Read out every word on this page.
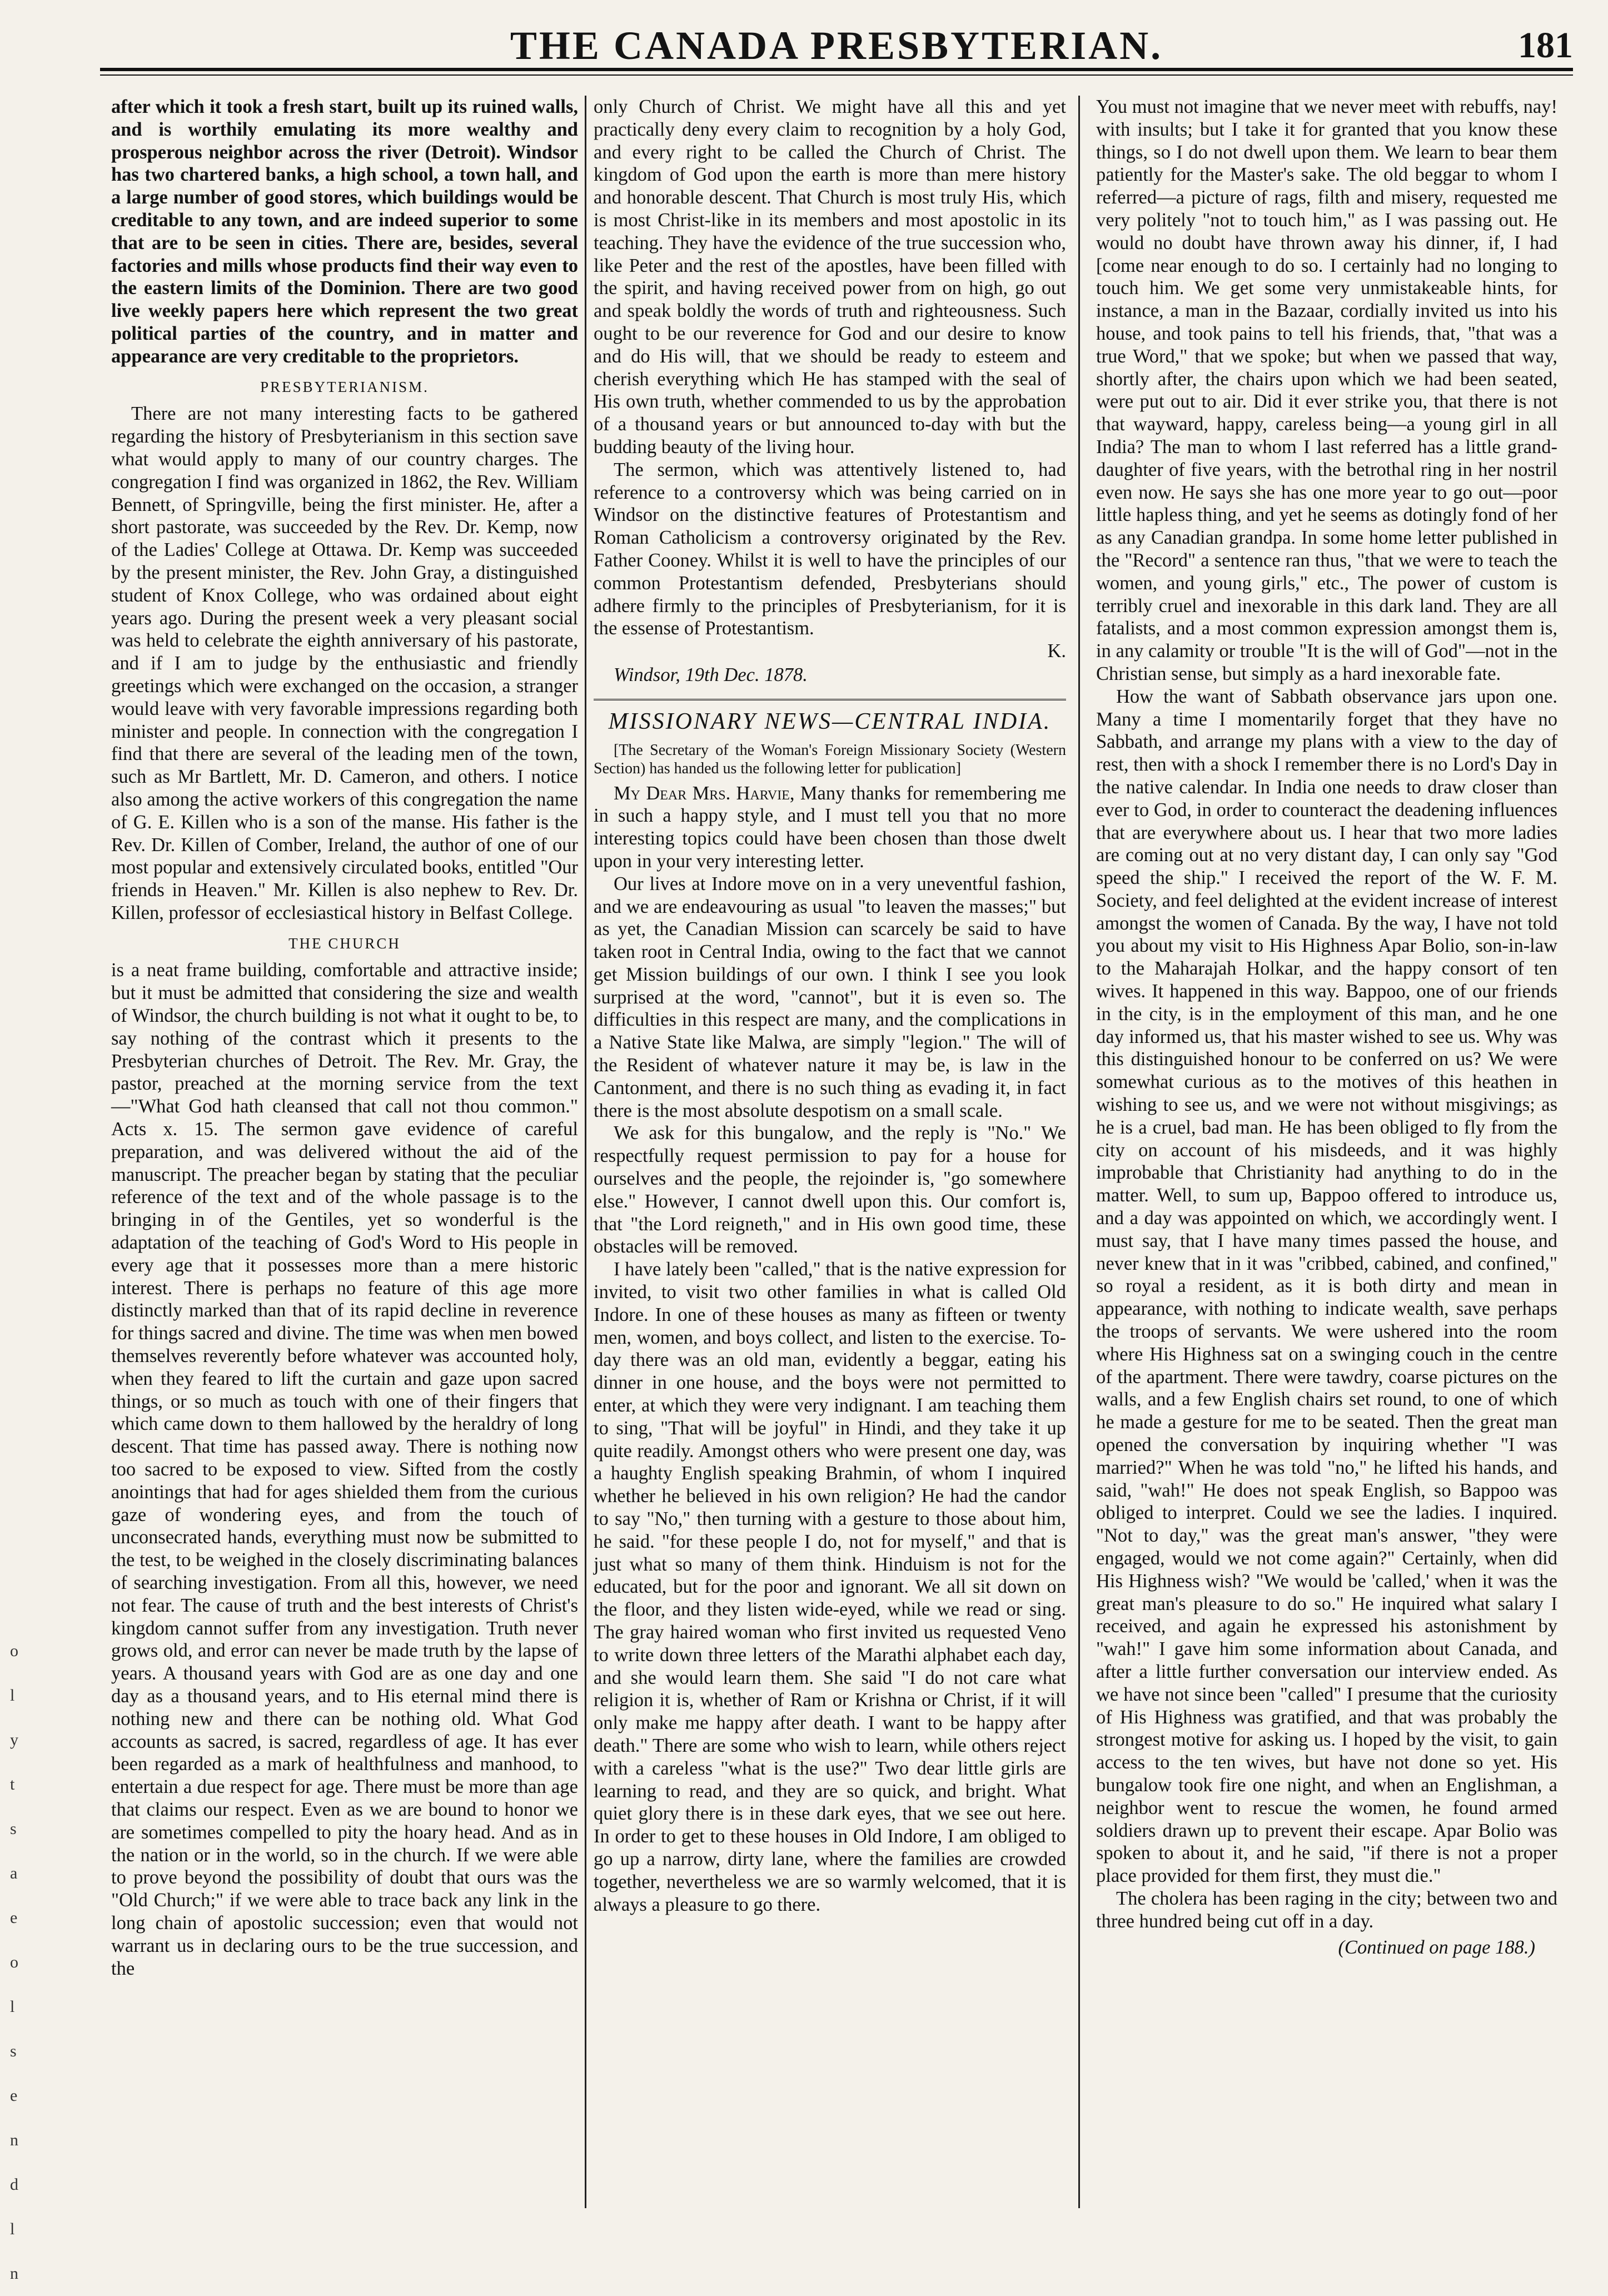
THE CANADA PRESBYTERIAN.	181

after which it took a fresh start, built up its ruined walls, and is worthily emulating its more wealthy and prosperous neighbor across the river (Detroit). Windsor has two chartered banks, a high school, a town hall, and a large number of good stores, which buildings would be creditable to any town, and are indeed superior to some that are to be seen in cities. There are, besides, several factories and mills whose products find their way even to the eastern limits of the Dominion. There are two good live weekly papers here which represent the two great political parties of the country, and in matter and appearance are very creditable to the proprietors.

PRESBYTERIANISM.

There are not many interesting facts to be gathered regarding the history of Presbyterianism in this section save what would apply to many of our country charges. The congregation I find was organized in 1862, the Rev. William Bennett, of Springville, being the first minister. He, after a short pastorate, was succeeded by the Rev. Dr. Kemp, now of the Ladies' College at Ottawa. Dr. Kemp was succeeded by the present minister, the Rev. John Gray, a distinguished student of Knox College, who was ordained about eight years ago. During the present week a very pleasant social was held to celebrate the eighth anniversary of his pastorate, and if I am to judge by the enthusiastic and friendly greetings which were exchanged on the occasion, a stranger would leave with very favorable impressions regarding both minister and people. In connection with the congregation I find that there are several of the leading men of the town, such as Mr Bartlett, Mr. D. Cameron, and others. I notice also among the active workers of this congregation the name of G. E. Killen who is a son of the manse. His father is the Rev. Dr. Killen of Comber, Ireland, the author of one of our most popular and extensively circulated books, entitled "Our friends in Heaven." Mr. Killen is also nephew to Rev. Dr. Killen, professor of ecclesiastical history in Belfast College.

THE CHURCH

is a neat frame building, comfortable and attractive inside; but it must be admitted that considering the size and wealth of Windsor, the church building is not what it ought to be, to say nothing of the contrast which it presents to the Presbyterian churches of Detroit. The Rev. Mr. Gray, the pastor, preached at the morning service from the text—"What God hath cleansed that call not thou common." Acts x. 15. The sermon gave evidence of careful preparation, and was delivered without the aid of the manuscript. The preacher began by stating that the peculiar reference of the text and of the whole passage is to the bringing in of the Gentiles, yet so wonderful is the adaptation of the teaching of God's Word to His people in every age that it possesses more than a mere historic interest. There is perhaps no feature of this age more distinctly marked than that of its rapid decline in reverence for things sacred and divine. The time was when men bowed themselves reverently before whatever was accounted holy, when they feared to lift the curtain and gaze upon sacred things, or so much as touch with one of their fingers that which came down to them hallowed by the heraldry of long descent. That time has passed away. There is nothing now too sacred to be exposed to view. Sifted from the costly anointings that had for ages shielded them from the curious gaze of wondering eyes, and from the touch of unconsecrated hands, everything must now be submitted to the test, to be weighed in the closely discriminating balances of searching investigation. From all this, however, we need not fear. The cause of truth and the best interests of Christ's kingdom cannot suffer from any investigation. Truth never grows old, and error can never be made truth by the lapse of years. A thousand years with God are as one day and one day as a thousand years, and to His eternal mind there is nothing new and there can be nothing old. What God accounts as sacred, is sacred, regardless of age. It has ever been regarded as a mark of healthfulness and manhood, to entertain a due respect for age. There must be more than age that claims our respect. Even as we are bound to honor we are sometimes compelled to pity the hoary head. And as in the nation or in the world, so in the church. If we were able to prove beyond the possibility of doubt that ours was the "Old Church;" if we were able to trace back any link in the long chain of apostolic succession; even that would not warrant us in declaring ours to be the true succession, and the

only Church of Christ. We might have all this and yet practically deny every claim to recognition by a holy God, and every right to be called the Church of Christ. The kingdom of God upon the earth is more than mere history and honorable descent. That Church is most truly His, which is most Christ-like in its members and most apostolic in its teaching. They have the evidence of the true succession who, like Peter and the rest of the apostles, have been filled with the spirit, and having received power from on high, go out and speak boldly the words of truth and righteousness. Such ought to be our reverence for God and our desire to know and do His will, that we should be ready to esteem and cherish everything which He has stamped with the seal of His own truth, whether commended to us by the approbation of a thousand years or but announced to-day with but the budding beauty of the living hour.

The sermon, which was attentively listened to, had reference to a controversy which was being carried on in Windsor on the distinctive features of Protestantism and Roman Catholicism a controversy originated by the Rev. Father Cooney. Whilst it is well to have the principles of our common Protestantism defended, Presbyterians should adhere firmly to the principles of Presbyterianism, for it is the essense of Protestantism.

K.
Windsor, 19th Dec. 1878.
MISSIONARY NEWS—CENTRAL INDIA.

[The Secretary of the Woman's Foreign Missionary Society (Western Section) has handed us the following letter for publication]

My Dear Mrs. Harvie, Many thanks for remembering me in such a happy style, and I must tell you that no more interesting topics could have been chosen than those dwelt upon in your very interesting letter.

Our lives at Indore move on in a very uneventful fashion, and we are endeavouring as usual "to leaven the masses;" but as yet, the Canadian Mission can scarcely be said to have taken root in Central India, owing to the fact that we cannot get Mission buildings of our own. I think I see you look surprised at the word, "cannot", but it is even so. The difficulties in this respect are many, and the complications in a Native State like Malwa, are simply "legion." The will of the Resident of whatever nature it may be, is law in the Cantonment, and there is no such thing as evading it, in fact there is the most absolute despotism on a small scale.

We ask for this bungalow, and the reply is "No." We respectfully request permission to pay for a house for ourselves and the people, the rejoinder is, "go somewhere else." However, I cannot dwell upon this. Our comfort is, that "the Lord reigneth," and in His own good time, these obstacles will be removed.

I have lately been "called," that is the native expression for invited, to visit two other families in what is called Old Indore. In one of these houses as many as fifteen or twenty men, women, and boys collect, and listen to the exercise. To-day there was an old man, evidently a beggar, eating his dinner in one house, and the boys were not permitted to enter, at which they were very indignant. I am teaching them to sing, "That will be joyful" in Hindi, and they take it up quite readily. Amongst others who were present one day, was a haughty English speaking Brahmin, of whom I inquired whether he believed in his own religion? He had the candor to say "No," then turning with a gesture to those about him, he said. "for these people I do, not for myself," and that is just what so many of them think. Hinduism is not for the educated, but for the poor and ignorant. We all sit down on the floor, and they listen wide-eyed, while we read or sing. The gray haired woman who first invited us requested Veno to write down three letters of the Marathi alphabet each day, and she would learn them. She said "I do not care what religion it is, whether of Ram or Krishna or Christ, if it will only make me happy after death. I want to be happy after death." There are some who wish to learn, while others reject with a careless "what is the use?" Two dear little girls are learning to read, and they are so quick, and bright. What quiet glory there is in these dark eyes, that we see out here. In order to get to these houses in Old Indore, I am obliged to go up a narrow, dirty lane, where the families are crowded together, nevertheless we are so warmly welcomed, that it is always a pleasure to go there.

You must not imagine that we never meet with rebuffs, nay! with insults; but I take it for granted that you know these things, so I do not dwell upon them. We learn to bear them patiently for the Master's sake. The old beggar to whom I referred—a picture of rags, filth and misery, requested me very politely "not to touch him," as I was passing out. He would no doubt have thrown away his dinner, if, I had [come near enough to do so. I certainly had no longing to touch him. We get some very unmistakeable hints, for instance, a man in the Bazaar, cordially invited us into his house, and took pains to tell his friends, that, "that was a true Word," that we spoke; but when we passed that way, shortly after, the chairs upon which we had been seated, were put out to air. Did it ever strike you, that there is not that wayward, happy, careless being—a young girl in all India? The man to whom I last referred has a little grand-daughter of five years, with the betrothal ring in her nostril even now. He says she has one more year to go out—poor little hapless thing, and yet he seems as dotingly fond of her as any Canadian grandpa. In some home letter published in the "Record" a sentence ran thus, "that we were to teach the women, and young girls," etc., The power of custom is terribly cruel and inexorable in this dark land. They are all fatalists, and a most common expression amongst them is, in any calamity or trouble "It is the will of God"—not in the Christian sense, but simply as a hard inexorable fate.

How the want of Sabbath observance jars upon one. Many a time I momentarily forget that they have no Sabbath, and arrange my plans with a view to the day of rest, then with a shock I remember there is no Lord's Day in the native calendar. In India one needs to draw closer than ever to God, in order to counteract the deadening influences that are everywhere about us. I hear that two more ladies are coming out at no very distant day, I can only say "God speed the ship." I received the report of the W. F. M. Society, and feel delighted at the evident increase of interest amongst the women of Canada. By the way, I have not told you about my visit to His Highness Apar Bolio, son-in-law to the Maharajah Holkar, and the happy consort of ten wives. It happened in this way. Bappoo, one of our friends in the city, is in the employment of this man, and he one day informed us, that his master wished to see us. Why was this distinguished honour to be conferred on us? We were somewhat curious as to the motives of this heathen in wishing to see us, and we were not without misgivings; as he is a cruel, bad man. He has been obliged to fly from the city on account of his misdeeds, and it was highly improbable that Christianity had anything to do in the matter. Well, to sum up, Bappoo offered to introduce us, and a day was appointed on which, we accordingly went. I must say, that I have many times passed the house, and never knew that in it was "cribbed, cabined, and confined," so royal a resident, as it is both dirty and mean in appearance, with nothing to indicate wealth, save perhaps the troops of servants. We were ushered into the room where His Highness sat on a swinging couch in the centre of the apartment. There were tawdry, coarse pictures on the walls, and a few English chairs set round, to one of which he made a gesture for me to be seated. Then the great man opened the conversation by inquiring whether "I was married?" When he was told "no," he lifted his hands, and said, "wah!" He does not speak English, so Bappoo was obliged to interpret. Could we see the ladies. I inquired. "Not to day," was the great man's answer, "they were engaged, would we not come again?" Certainly, when did His Highness wish? "We would be 'called,' when it was the great man's pleasure to do so." He inquired what salary I received, and again he expressed his astonishment by "wah!" I gave him some information about Canada, and after a little further conversation our interview ended. As we have not since been "called" I presume that the curiosity of His Highness was gratified, and that was probably the strongest motive for asking us. I hoped by the visit, to gain access to the ten wives, but have not done so yet. His bungalow took fire one night, and when an Englishman, a neighbor went to rescue the women, he found armed soldiers drawn up to prevent their escape. Apar Bolio was spoken to about it, and he said, "if there is not a proper place provided for them first, they must die."

The cholera has been raging in the city; between two and three hundred being cut off in a day.

(Continued on page 188.)
o
l
y
t
s
a
e
o
l
s
e
n
d
l
n
